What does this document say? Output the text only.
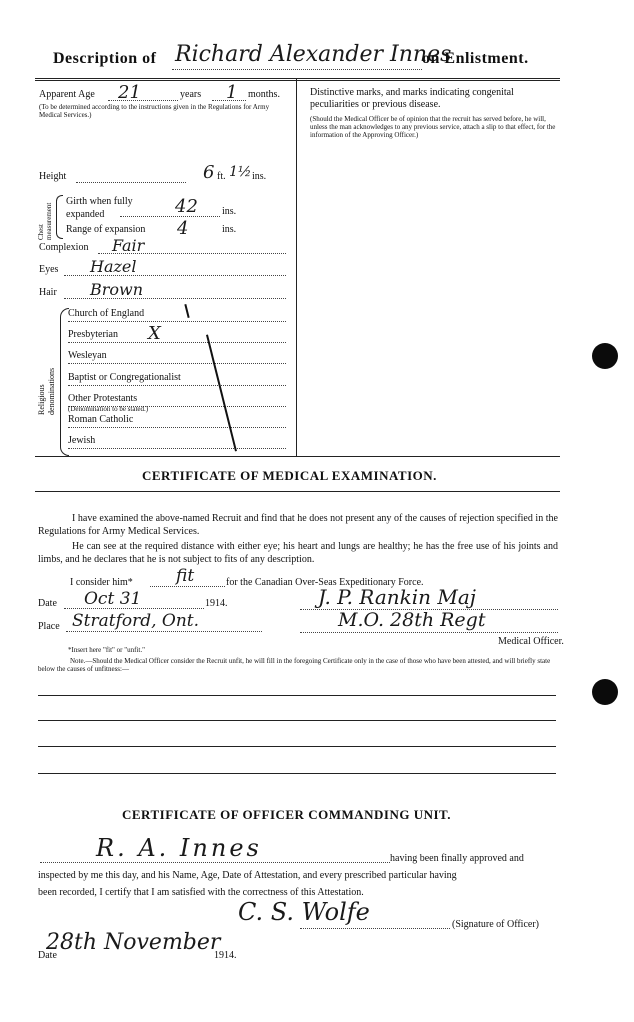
Description of Richard Alexander Innes
on Enlistment.
Apparent Age 21	years 1 months.
(To be determined according to the instructions given in the Regulations for Army Medical Services.)
Height	6 ft. 1½ ins.
Chest measurement
Girth when fully expanded	42 ins.
Range of expansion 4	ins.
Complexion Fair
Eyes Hazel
Hair Brown
Religious denominations
Church of England
Presbyterian X
Wesleyan
Baptist or Congregationalist
Other Protestants
(Denomination to be stated.)
Roman Catholic
Jewish
Distinctive marks, and marks indicating congenital peculiarities or previous disease.
(Should the Medical Officer be of opinion that the recruit has served before, he will, unless the man acknowledges to any previous service, attach a slip to that effect, for the information of the Approving Officer.)
CERTIFICATE OF MEDICAL EXAMINATION.
I have examined the above-named Recruit and find that he does not present any of the causes of rejection specified in the Regulations for Army Medical Services.
He can see at the required distance with either eye; his heart and lungs are healthy; he has the free use of his joints and limbs, and he declares that he is not subject to fits of any description.
I consider him*	fit	for the Canadian Over-Seas Expeditionary Force.
Date Oct 31	1914.
Place Stratford, Ont.
J. P. Rankin Maj
M.O. 28th Regt
Medical Officer.
*Insert here "fit" or "unfit."
Note.—Should the Medical Officer consider the Recruit unfit, he will fill in the foregoing Certificate only in the case of those who have been attested, and will briefly state below the causes of unfitness:—
CERTIFICATE OF OFFICER COMMANDING UNIT.
R. A. Innes	having been finally approved and
inspected by me this day, and his Name, Age, Date of Attestation, and every prescribed particular having
been recorded, I certify that I am satisfied with the correctness of this Attestation.
C. S. Wolfe	(Signature of Officer)
Date
28th November
1914.
